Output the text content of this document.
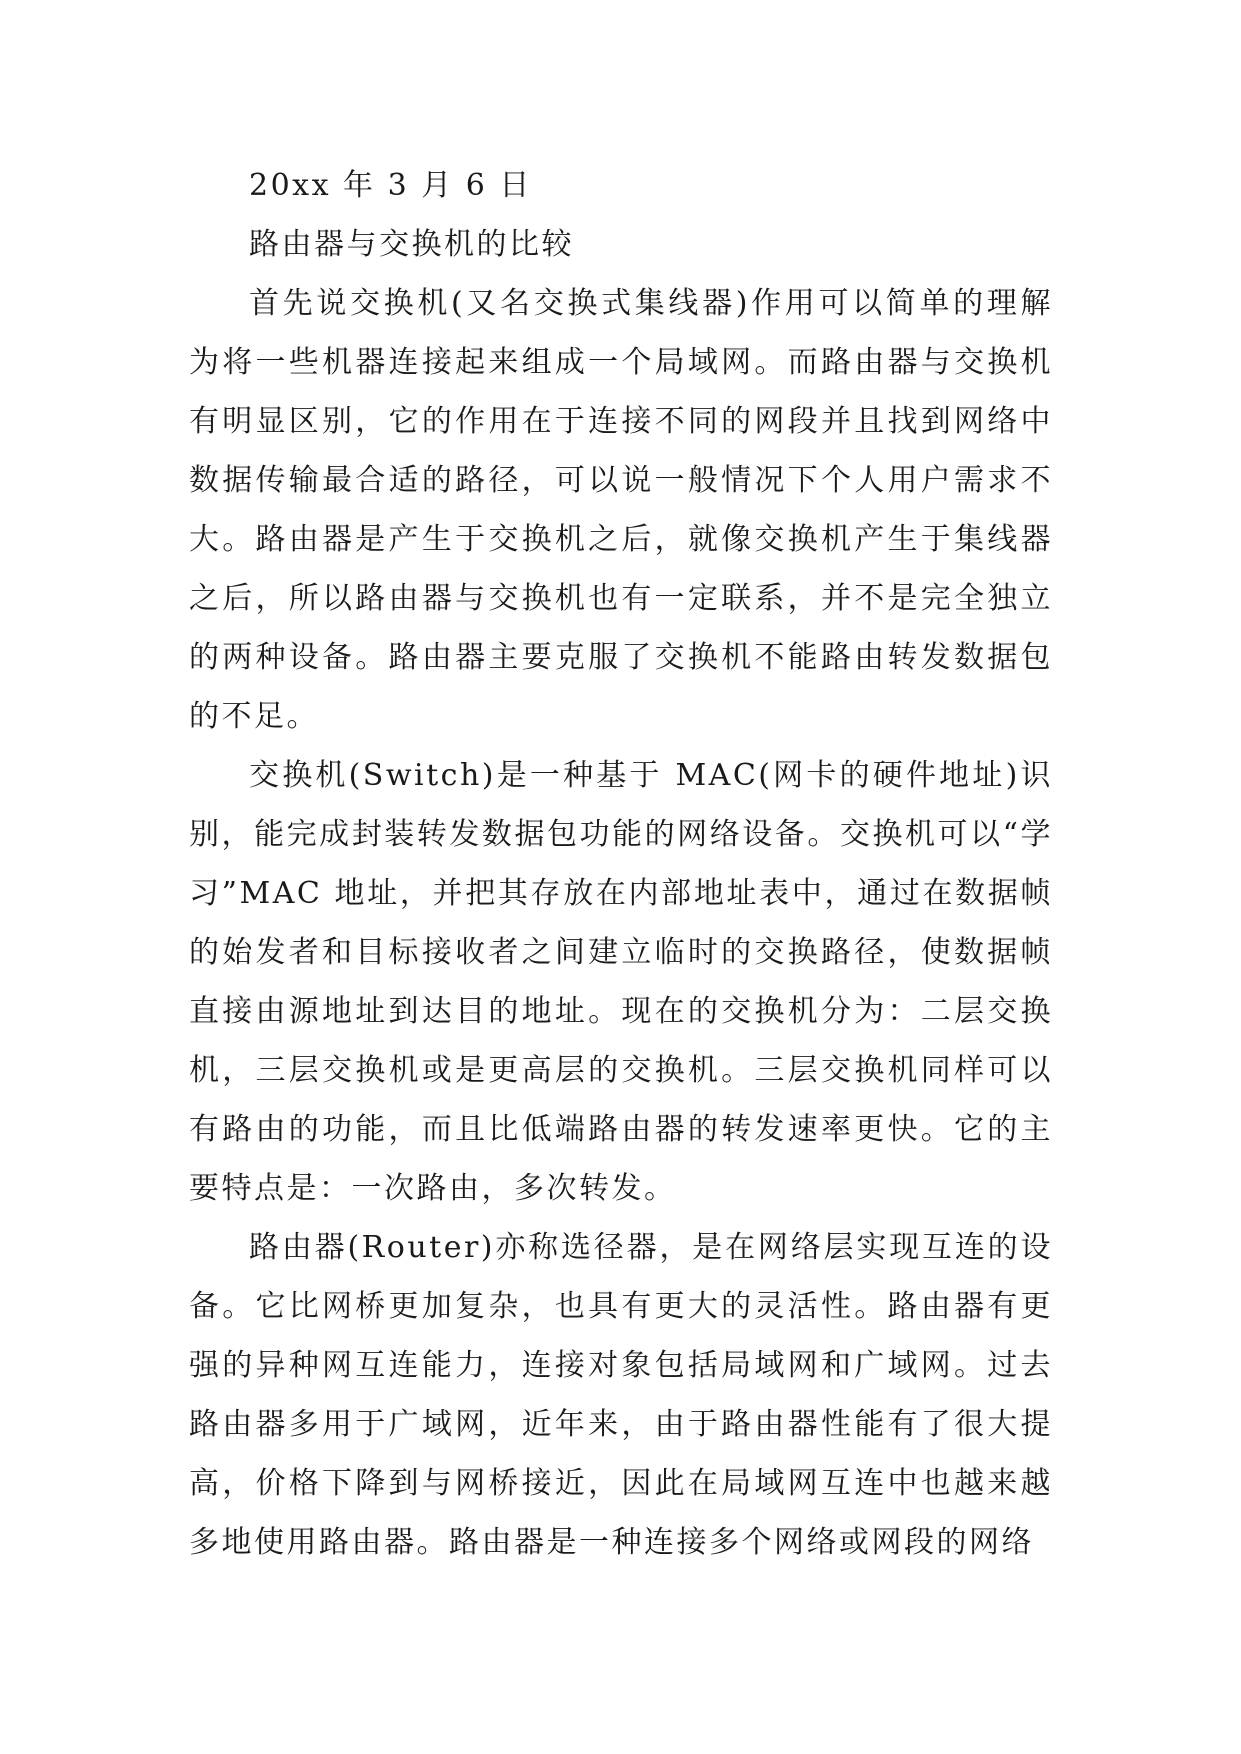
20xx 年 3 月 6 日

路由器与交换机的比较

首先说交换机(又名交换式集线器)作用可以简单的理解为将一些机器连接起来组成一个局域网。而路由器与交换机有明显区别，它的作用在于连接不同的网段并且找到网络中数据传输最合适的路径，可以说一般情况下个人用户需求不大。路由器是产生于交换机之后，就像交换机产生于集线器之后，所以路由器与交换机也有一定联系，并不是完全独立的两种设备。路由器主要克服了交换机不能路由转发数据包的不足。

交换机(Switch)是一种基于 MAC(网卡的硬件地址)识别，能完成封装转发数据包功能的网络设备。交换机可以“学习”MAC 地址，并把其存放在内部地址表中，通过在数据帧的始发者和目标接收者之间建立临时的交换路径，使数据帧直接由源地址到达目的地址。现在的交换机分为：二层交换机，三层交换机或是更高层的交换机。三层交换机同样可以有路由的功能，而且比低端路由器的转发速率更快。它的主要特点是：一次路由，多次转发。

路由器(Router)亦称选径器，是在网络层实现互连的设备。它比网桥更加复杂，也具有更大的灵活性。路由器有更强的异种网互连能力，连接对象包括局域网和广域网。过去路由器多用于广域网，近年来，由于路由器性能有了很大提高，价格下降到与网桥接近，因此在局域网互连中也越来越多地使用路由器。路由器是一种连接多个网络或网段的网络
